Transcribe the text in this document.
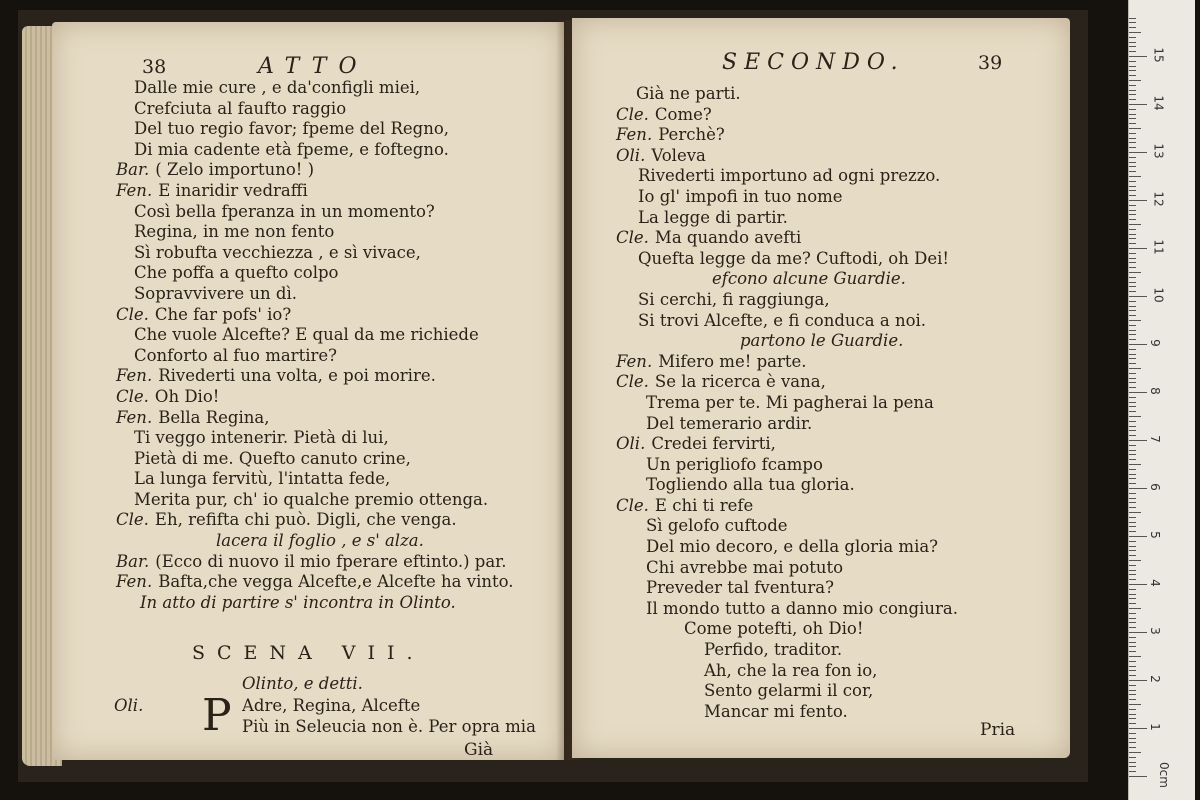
38	ATTO
Dalle mie cure , e da'configli miei,
Crefciuta al faufto raggio
Del tuo regio favor; fpeme del Regno,
Di mia cadente età fpeme, e foftegno.
Bar. ( Zelo importuno! )
Fen. E inaridir vedraffi
Così bella fperanza in un momento?
Regina, in me non fento
Sì robufta vecchiezza , e sì vivace,
Che poffa a quefto colpo
Sopravvivere un dì.
Cle. Che far pofs' io?
Che vuole Alcefte? E qual da me richiede
Conforto al fuo martire?
Fen. Rivederti una volta, e poi morire.
Cle. Oh Dio!
Fen. Bella Regina,
Ti veggo intenerir. Pietà di lui,
Pietà di me. Quefto canuto crine,
La lunga fervitù, l'intatta fede,
Merita pur, ch' io qualche premio ottenga.
Cle. Eh, refifta chi può. Digli, che venga.
lacera il foglio , e s' alza.
Bar. (Ecco di nuovo il mio fperare eftinto.) par.
Fen. Bafta,che vegga Alcefte,e Alcefte ha vinto.
In atto di partire s' incontra in Olinto.
SCENA VII.
Olinto, e detti.
Oli. P Adre, Regina, Alcefte
Più in Seleucia non è. Per opra mia
Già
SECONDO.	39
Già ne parti.
Cle. Come?
Fen. Perchè?
Oli. Voleva
Rivederti importuno ad ogni prezzo.
Io gl' impofi in tuo nome
La legge di partir.
Cle. Ma quando avefti
Quefta legge da me? Cuftodi, oh Dei!
efcono alcune Guardie.
Si cerchi, fi raggiunga,
Si trovi Alcefte, e fi conduca a noi.
partono le Guardie.
Fen. Mifero me! parte.
Cle. Se la ricerca è vana,
Trema per te. Mi pagherai la pena
Del temerario ardir.
Oli. Credei fervirti,
Un perigliofo fcampo
Togliendo alla tua gloria.
Cle. E chi ti refe
Sì gelofo cuftode
Del mio decoro, e della gloria mia?
Chi avrebbe mai potuto
Preveder tal fventura?
Il mondo tutto a danno mio congiura.
Come potefti, oh Dio!
Perfido, traditor.
Ah, che la rea fon io,
Sento gelarmi il cor,
Mancar mi fento.
Pria
0cm
1
2
3
4
5
6
7
8
9
10
11
12
13
14
15
